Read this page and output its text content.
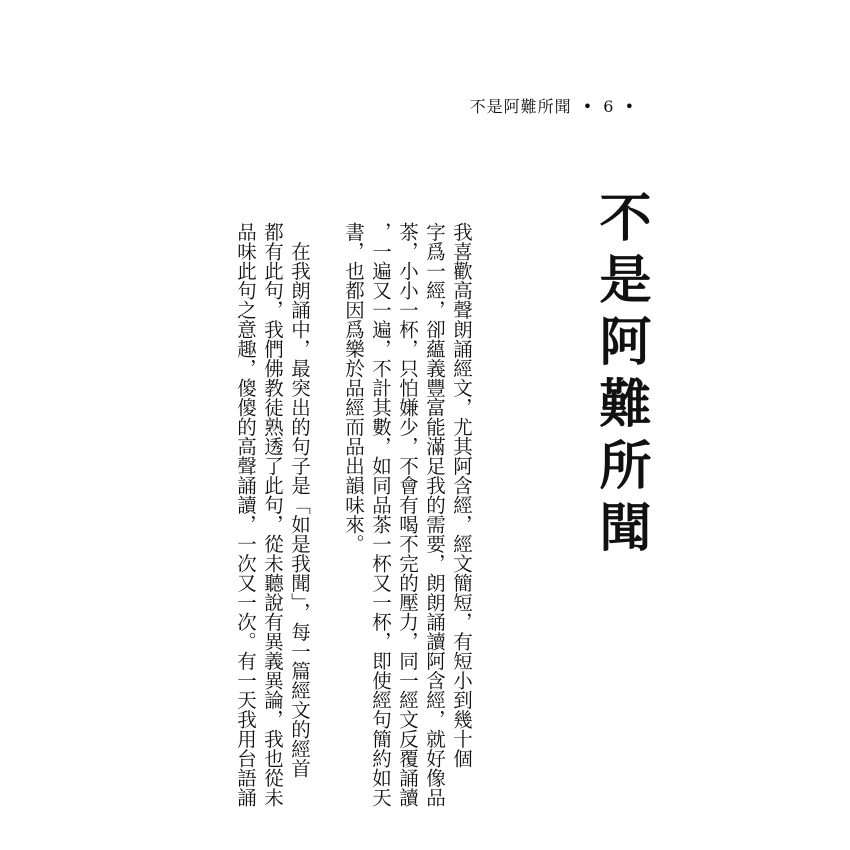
不是阿難所聞 • 6 •
不是阿難所聞
我喜歡高聲朗誦經文，尤其阿含經，經文簡短，有短小到幾十個
字爲一經，卻蘊義豐富能滿足我的需要，朗朗誦讀阿含經，就好像品
茶，小小一杯，只怕嫌少，不會有喝不完的壓力，同一經文反覆誦讀
，一遍又一遍，不計其數，如同品茶一杯又一杯，即使經句簡約如天
書，也都因爲樂於品經而品出韻味來。
　在我朗誦中，最突出的句子是「如是我聞」，每一篇經文的經首
都有此句，我們佛教徒熟透了此句，從未聽說有異義異論，我也從未
品味此句之意趣，傻傻的高聲誦讀，一次又一次。有一天我用台語誦
